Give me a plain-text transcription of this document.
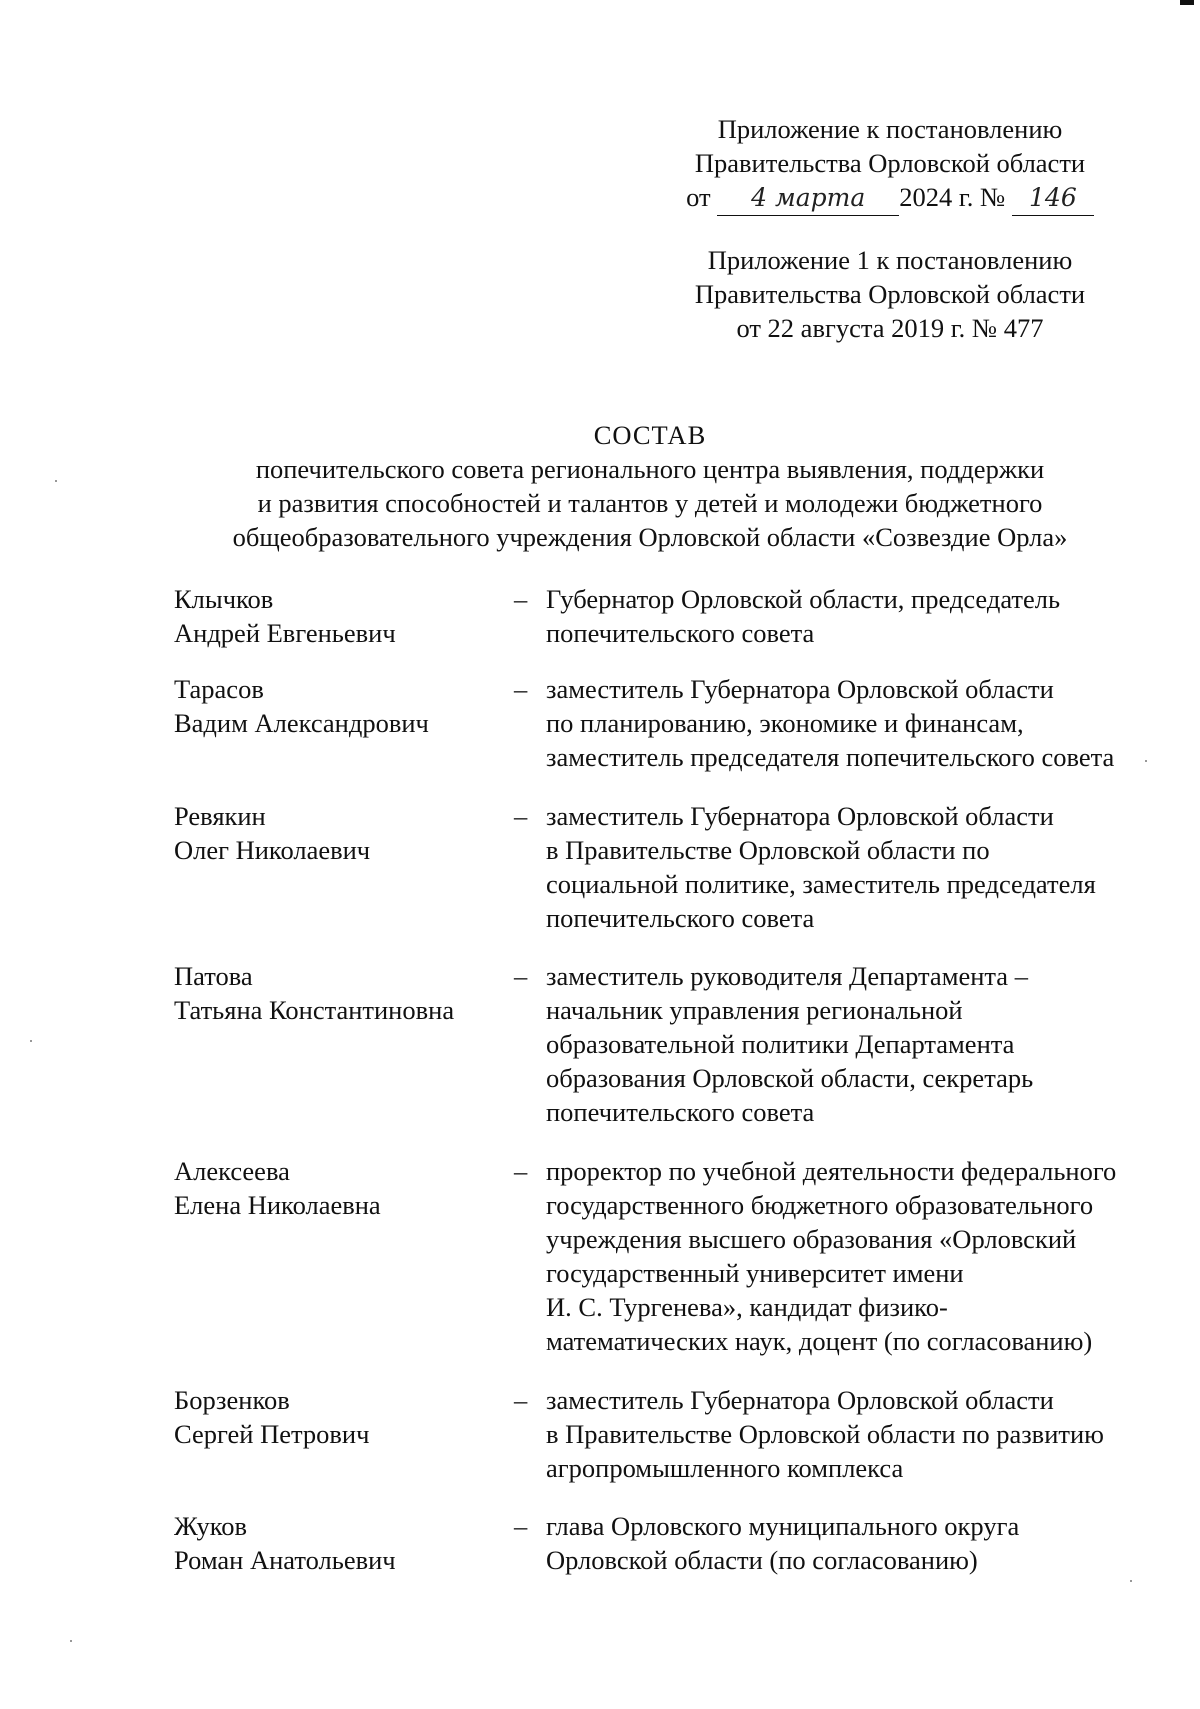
Приложение к постановлению
Правительства Орловской области
от 4 марта 2024 г. № 146
Приложение 1 к постановлению
Правительства Орловской области
от 22 августа 2019 г. № 477
СОСТАВ
попечительского совета регионального центра выявления, поддержки
и развития способностей и талантов у детей и молодежи бюджетного
общеобразовательного учреждения Орловской области «Созвездие Орла»
Клычков
Андрей Евгеньевич
– Губернатор Орловской области, председатель
попечительского совета
Тарасов
Вадим Александрович
– заместитель Губернатора Орловской области
по планированию, экономике и финансам,
заместитель председателя попечительского совета
Ревякин
Олег Николаевич
– заместитель Губернатора Орловской области
в Правительстве Орловской области по
социальной политике, заместитель председателя
попечительского совета
Патова
Татьяна Константиновна
– заместитель руководителя Департамента –
начальник управления региональной
образовательной политики Департамента
образования Орловской области, секретарь
попечительского совета
Алексеева
Елена Николаевна
– проректор по учебной деятельности федерального
государственного бюджетного образовательного
учреждения высшего образования «Орловский
государственный университет имени
И. С. Тургенева», кандидат физико-
математических наук, доцент (по согласованию)
Борзенков
Сергей Петрович
– заместитель Губернатора Орловской области
в Правительстве Орловской области по развитию
агропромышленного комплекса
Жуков
Роман Анатольевич
– глава Орловского муниципального округа
Орловской области (по согласованию)
